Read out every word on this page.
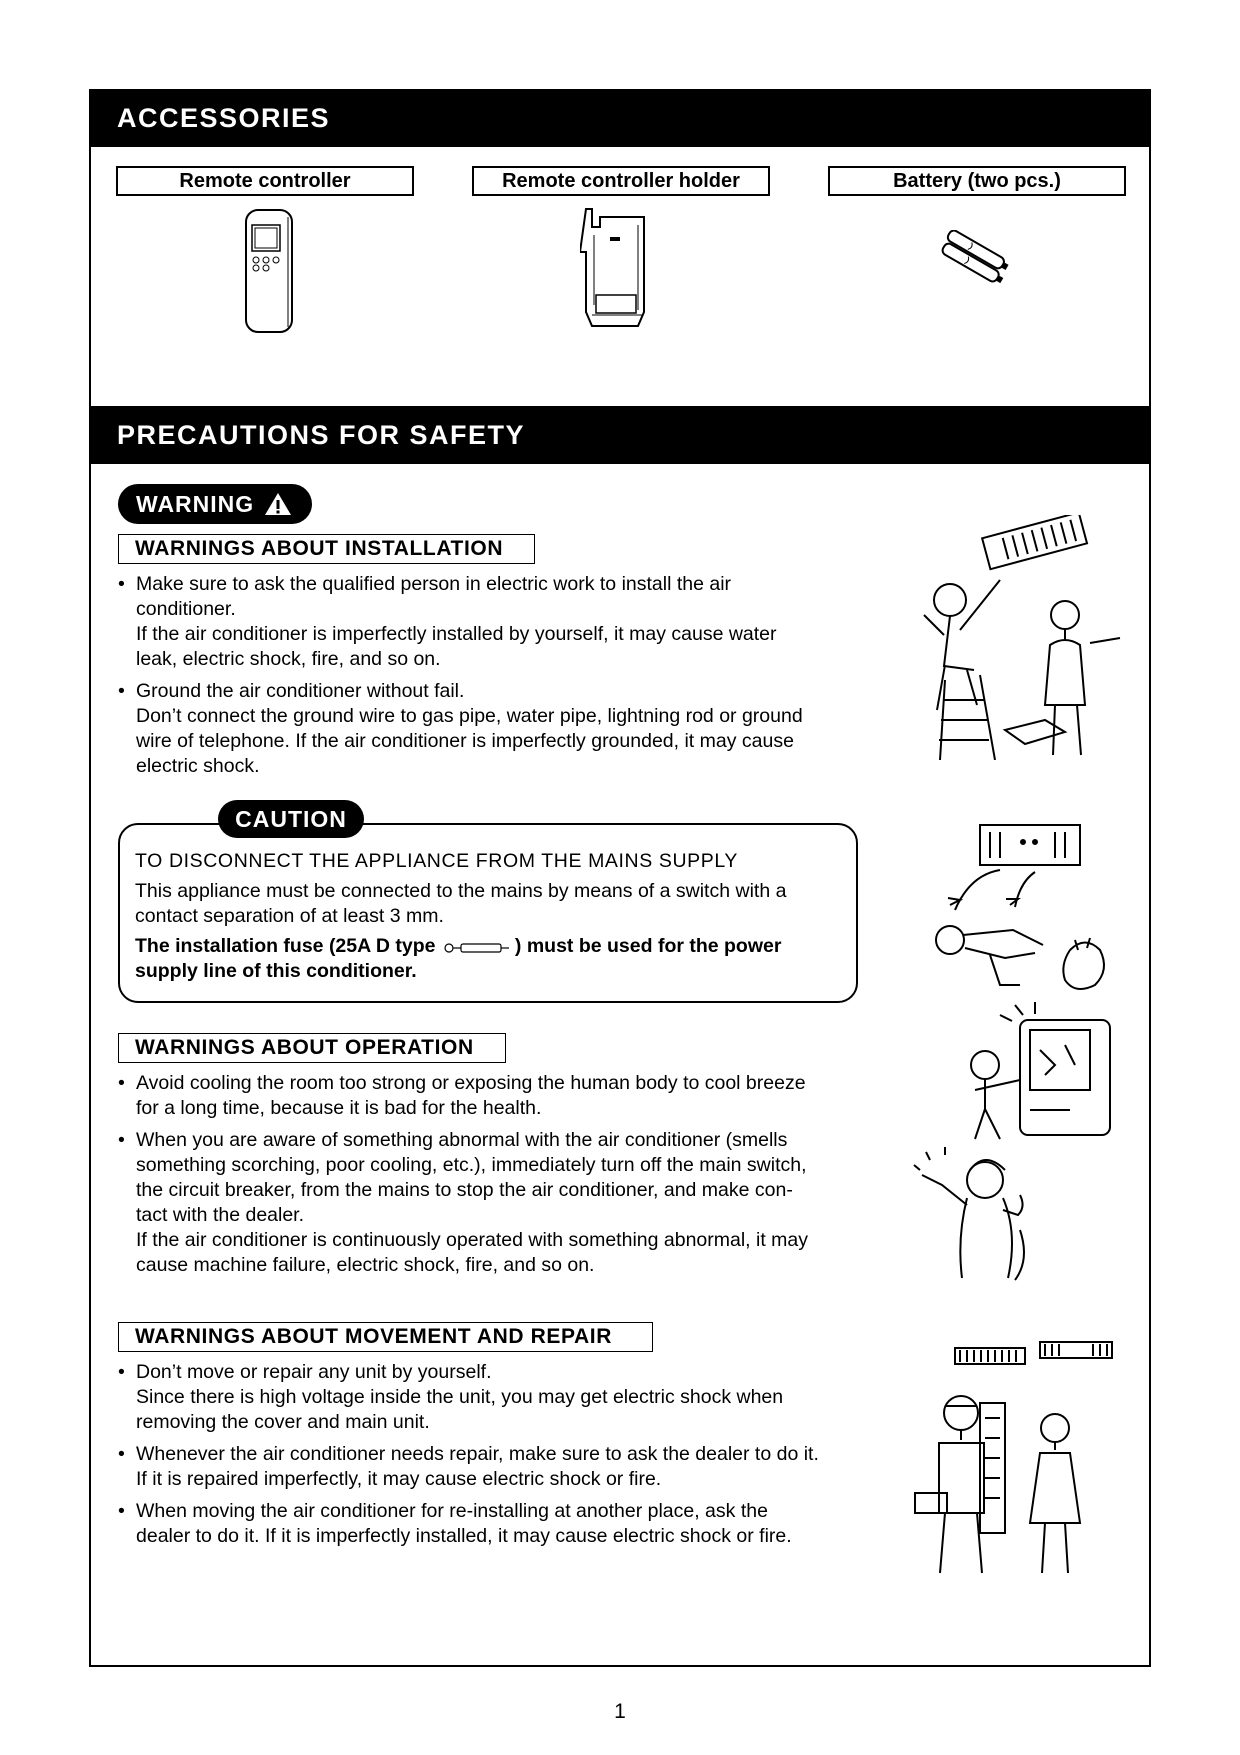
ACCESSORIES
Remote controller	Remote controller holder	Battery (two pcs.)
PRECAUTIONS FOR SAFETY
WARNING
WARNINGS ABOUT INSTALLATION
• Make sure to ask the qualified person in electric work to install the air
conditioner.
If the air conditioner is imperfectly installed by yourself, it may cause water
leak, electric shock, fire, and so on.
• Ground the air conditioner without fail.
Don’t connect the ground wire to gas pipe, water pipe, lightning rod or ground
wire of telephone. If the air conditioner is imperfectly grounded, it may cause
electric shock.
CAUTION
TO DISCONNECT THE APPLIANCE FROM THE MAINS SUPPLY
This appliance must be connected to the mains by means of a switch with a
contact separation of at least 3 mm.
The installation fuse (25A D type	) must be used for the power
supply line of this conditioner.
WARNINGS ABOUT OPERATION
• Avoid cooling the room too strong or exposing the human body to cool breeze
for a long time, because it is bad for the health.
• When you are aware of something abnormal with the air conditioner (smells
something scorching, poor cooling, etc.), immediately turn off the main switch,
the circuit breaker, from the mains to stop the air conditioner, and make con-
tact with the dealer.
If the air conditioner is continuously operated with something abnormal, it may
cause machine failure, electric shock, fire, and so on.
WARNINGS ABOUT MOVEMENT AND REPAIR
• Don’t move or repair any unit by yourself.
Since there is high voltage inside the unit, you may get electric shock when
removing the cover and main unit.
• Whenever the air conditioner needs repair, make sure to ask the dealer to do it.
If it is repaired imperfectly, it may cause electric shock or fire.
• When moving the air conditioner for re-installing at another place, ask the
dealer to do it. If it is imperfectly installed, it may cause electric shock or fire.
1
